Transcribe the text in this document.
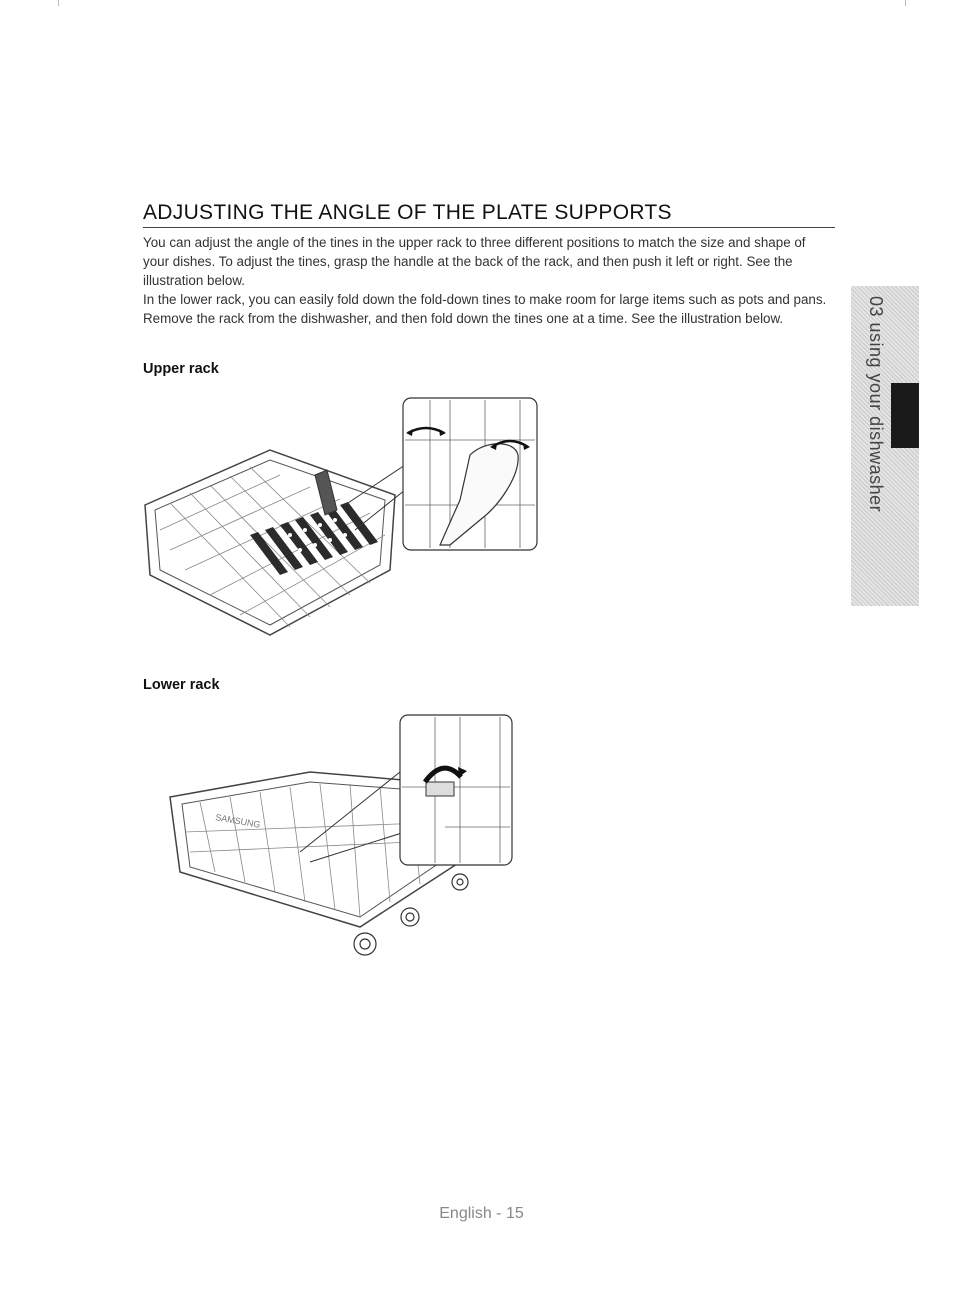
ADJUSTING THE ANGLE OF THE PLATE SUPPORTS

You can adjust the angle of the tines in the upper rack to three different positions to match the size and shape of your dishes. To adjust the tines, grasp the handle at the back of the rack, and then push it left or right. See the illustration below.

In the lower rack, you can easily fold down the fold-down tines to make room for large items such as pots and pans. Remove the rack from the dishwasher, and then fold down the tines one at a time. See the illustration below.

Upper rack
Lower rack
SAMSUNG
03 using your dishwasher
English - 15
